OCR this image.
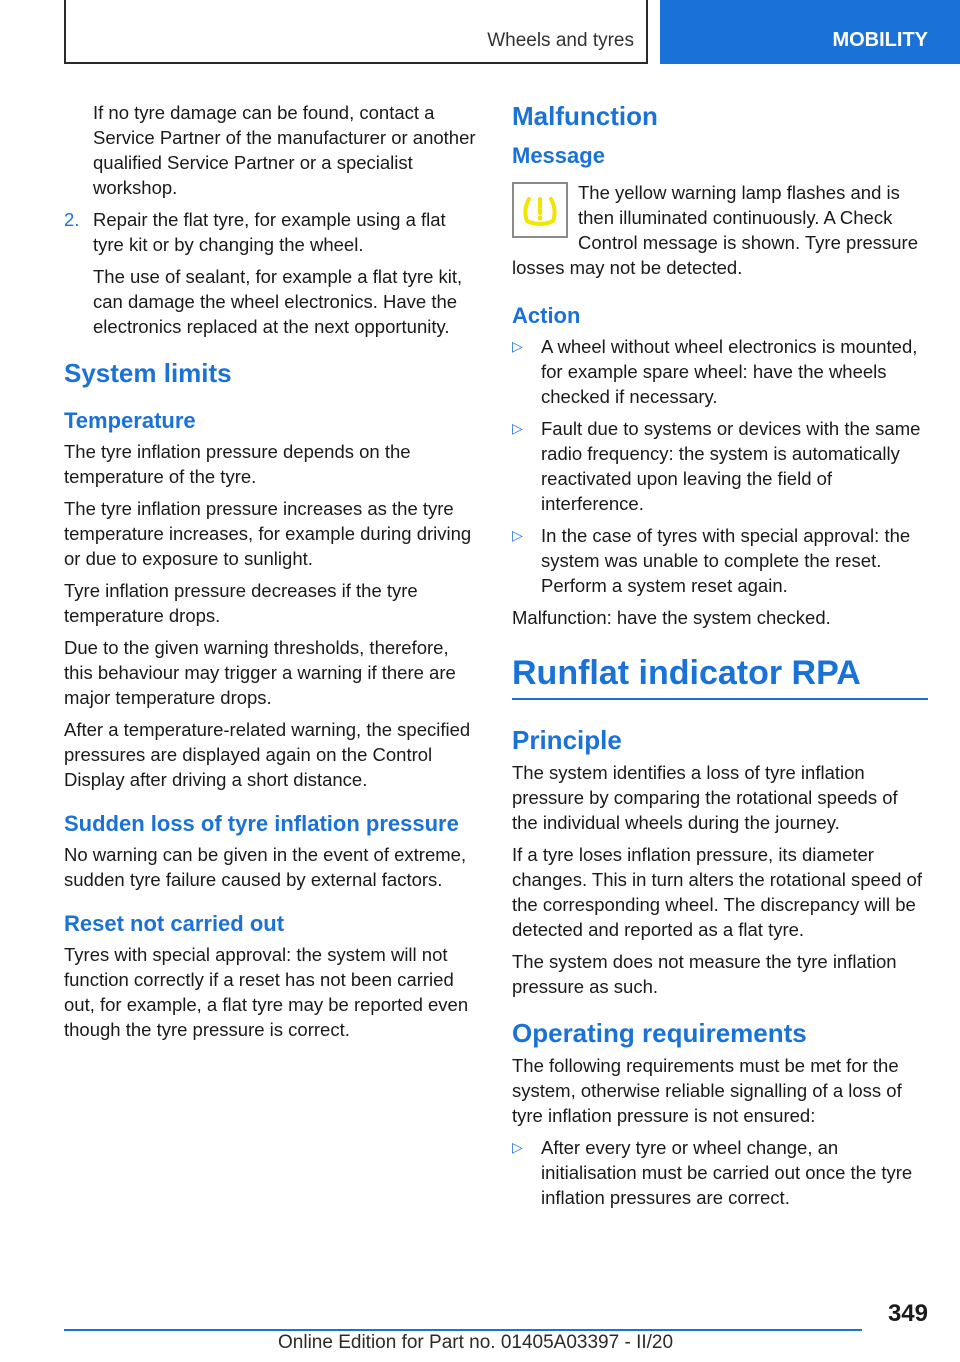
Wheels and tyres	MOBILITY

If no tyre damage can be found, contact a Service Partner of the manufacturer or another qualified Service Partner or a specialist workshop.

2. Repair the flat tyre, for example using a flat tyre kit or by changing the wheel.

The use of sealant, for example a flat tyre kit, can damage the wheel electronics. Have the electronics replaced at the next opportunity.

System limits
Temperature

The tyre inflation pressure depends on the temperature of the tyre.

The tyre inflation pressure increases as the tyre temperature increases, for example during driving or due to exposure to sunlight.

Tyre inflation pressure decreases if the tyre temperature drops.

Due to the given warning thresholds, therefore, this behaviour may trigger a warning if there are major temperature drops.

After a temperature-related warning, the specified pressures are displayed again on the Control Display after driving a short distance.

Sudden loss of tyre inflation pressure

No warning can be given in the event of extreme, sudden tyre failure caused by external factors.

Reset not carried out

Tyres with special approval: the system will not function correctly if a reset has not been carried out, for example, a flat tyre may be reported even though the tyre pressure is correct.

Malfunction
Message

The yellow warning lamp flashes and is then illuminated continuously. A Check Control message is shown. Tyre pressure losses may not be detected.

Action
▷ A wheel without wheel electronics is mounted, for example spare wheel: have the wheels checked if necessary.

▷ Fault due to systems or devices with the same radio frequency: the system is automatically reactivated upon leaving the field of interference.

▷ In the case of tyres with special approval: the system was unable to complete the reset. Perform a system reset again.

Malfunction: have the system checked.

Runflat indicator RPA
Principle

The system identifies a loss of tyre inflation pressure by comparing the rotational speeds of the individual wheels during the journey.

If a tyre loses inflation pressure, its diameter changes. This in turn alters the rotational speed of the corresponding wheel. The discrepancy will be detected and reported as a flat tyre.

The system does not measure the tyre inflation pressure as such.

Operating requirements

The following requirements must be met for the system, otherwise reliable signalling of a loss of tyre inflation pressure is not ensured:

▷ After every tyre or wheel change, an initialisation must be carried out once the tyre inflation pressures are correct.

349
Online Edition for Part no. 01405A03397 - II/20
